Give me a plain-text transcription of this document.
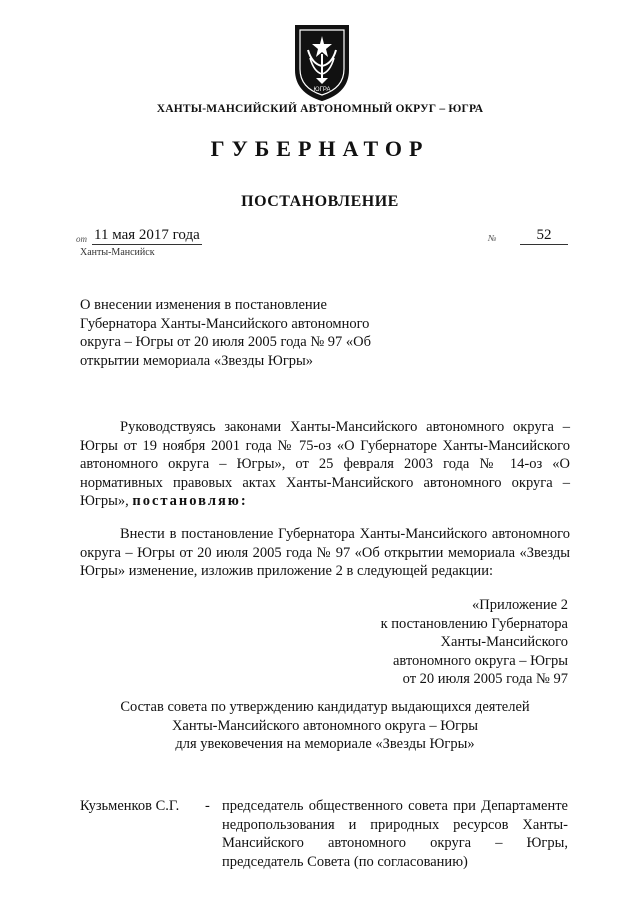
ЮГРА
ХАНТЫ-МАНСИЙСКИЙ АВТОНОМНЫЙ ОКРУГ – ЮГРА
ГУБЕРНАТОР
ПОСТАНОВЛЕНИЕ
от 11 мая 2017 года	№	52
Ханты-Мансийск
О внесении изменения в постановление Губернатора Ханты-Мансийского автономного округа – Югры от 20 июля 2005 года № 97 «Об открытии мемориала «Звезды Югры»
Руководствуясь законами Ханты-Мансийского автономного округа – Югры от 19 ноября 2001 года № 75-оз «О Губернаторе Ханты-Мансийского автономного округа – Югры», от 25 февраля 2003 года № 14-оз «О нормативных правовых актах Ханты-Мансийского автономного округа – Югры», постановляю:
Внести в постановление Губернатора Ханты-Мансийского автономного округа – Югры от 20 июля 2005 года № 97 «Об открытии мемориала «Звезды Югры» изменение, изложив приложение 2 в следующей редакции:
«Приложение 2
к постановлению Губернатора
Ханты-Мансийского
автономного округа – Югры
от 20 июля 2005 года № 97
Состав совета по утверждению кандидатур выдающихся деятелей
Ханты-Мансийского автономного округа – Югры
для увековечения на мемориале «Звезды Югры»
Кузьменков С.Г. - председатель общественного совета при Департаменте недропользования и природных ресурсов Ханты-Мансийского автономного округа – Югры, председатель Совета (по согласованию)
